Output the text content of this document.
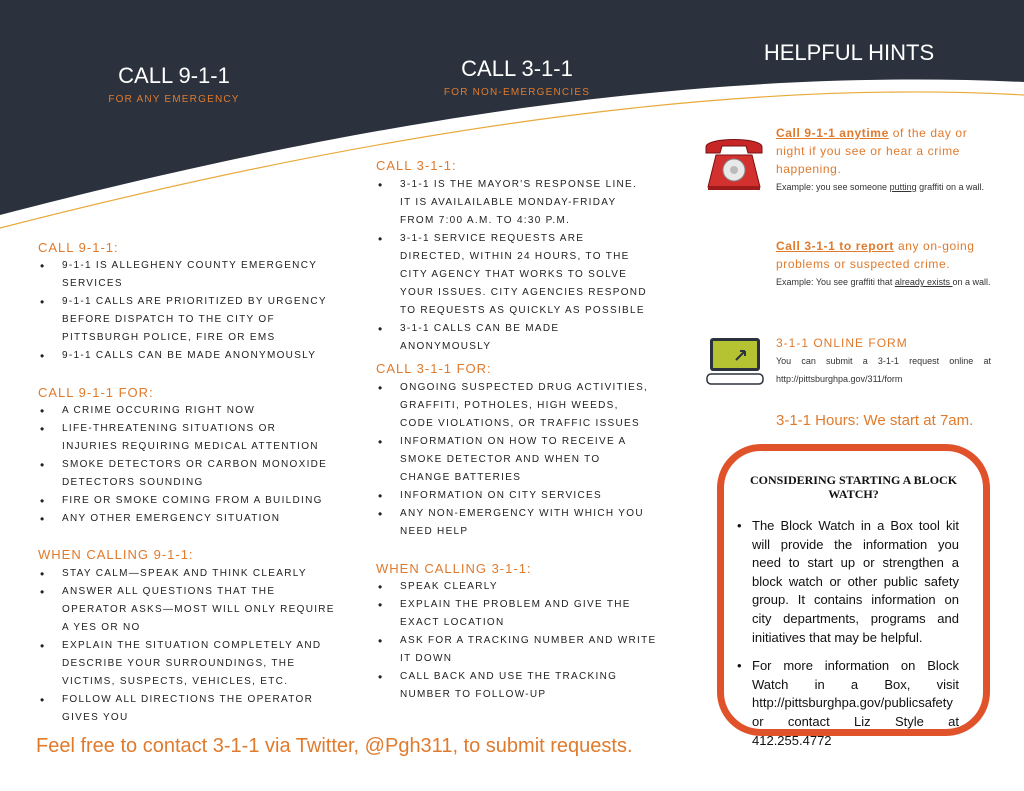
CALL 9-1-1
FOR ANY EMERGENCY
CALL 3-1-1
FOR NON-EMERGENCIES
HELPFUL HINTS
CALL 9-1-1:
• 9-1-1 IS ALLEGHENY COUNTY EMERGENCY SERVICES
• 9-1-1 CALLS ARE PRIORITIZED BY URGENCY BEFORE DISPATCH TO THE CITY OF PITTSBURGH POLICE, FIRE OR EMS
• 9-1-1 CALLS CAN BE MADE ANONYMOUSLY
CALL 9-1-1 FOR:
• A CRIME OCCURING RIGHT NOW
• LIFE-THREATENING SITUATIONS OR INJURIES REQUIRING MEDICAL ATTENTION
• SMOKE DETECTORS OR CARBON MONOXIDE DETECTORS SOUNDING
• FIRE OR SMOKE COMING FROM A BUILDING
• ANY OTHER EMERGENCY SITUATION
WHEN CALLING 9-1-1:
• STAY CALM—SPEAK AND THINK CLEARLY
• ANSWER ALL QUESTIONS THAT THE OPERATOR ASKS—MOST WILL ONLY REQUIRE A YES OR NO
• EXPLAIN THE SITUATION COMPLETELY AND DESCRIBE YOUR SURROUNDINGS, THE VICTIMS, SUSPECTS, VEHICLES, ETC.
• FOLLOW ALL DIRECTIONS THE OPERATOR GIVES YOU
CALL 3-1-1:
• 3-1-1 IS THE MAYOR'S RESPONSE LINE. IT IS AVAILAILABLE MONDAY-FRIDAY FROM 7:00 A.M. TO 4:30 P.M.
• 3-1-1 SERVICE REQUESTS ARE DIRECTED, WITHIN 24 HOURS, TO THE CITY AGENCY THAT WORKS TO SOLVE YOUR ISSUES. CITY AGENCIES RESPOND TO REQUESTS AS QUICKLY AS POSSIBLE
• 3-1-1 CALLS CAN BE MADE ANONYMOUSLY
CALL 3-1-1 FOR:
• ONGOING SUSPECTED DRUG ACTIVITIES, GRAFFITI, POTHOLES, HIGH WEEDS, CODE VIOLATIONS, OR TRAFFIC ISSUES
• INFORMATION ON HOW TO RECEIVE A SMOKE DETECTOR AND WHEN TO CHANGE BATTERIES
• INFORMATION ON CITY SERVICES
• ANY NON-EMERGENCY WITH WHICH YOU NEED HELP
WHEN CALLING 3-1-1:
• SPEAK CLEARLY
• EXPLAIN THE PROBLEM AND GIVE THE EXACT LOCATION
• ASK FOR A TRACKING NUMBER AND WRITE IT DOWN
• CALL BACK AND USE THE TRACKING NUMBER TO FOLLOW-UP
Call 9-1-1 anytime of the day or night if you see or hear a crime happening.
Example: you see someone putting graffiti on a wall.
Call 3-1-1 to report any on-going problems or suspected crime.
Example: You see graffiti that already exists on a wall.
3-1-1 ONLINE FORM
You can submit a 3-1-1 request online at http://pittsburghpa.gov/311/form
3-1-1 Hours: We start at 7am.
CONSIDERING STARTING A BLOCK WATCH?
• The Block Watch in a Box tool kit will provide the information you need to start up or strengthen a block watch or other public safety group. It contains information on city departments, programs and initiatives that may be helpful.
• For more information on Block Watch in a Box, visit http://pittsburghpa.gov/publicsafety or contact Liz Style at 412.255.4772
Feel free to contact 3-1-1 via Twitter, @Pgh311, to submit requests.
